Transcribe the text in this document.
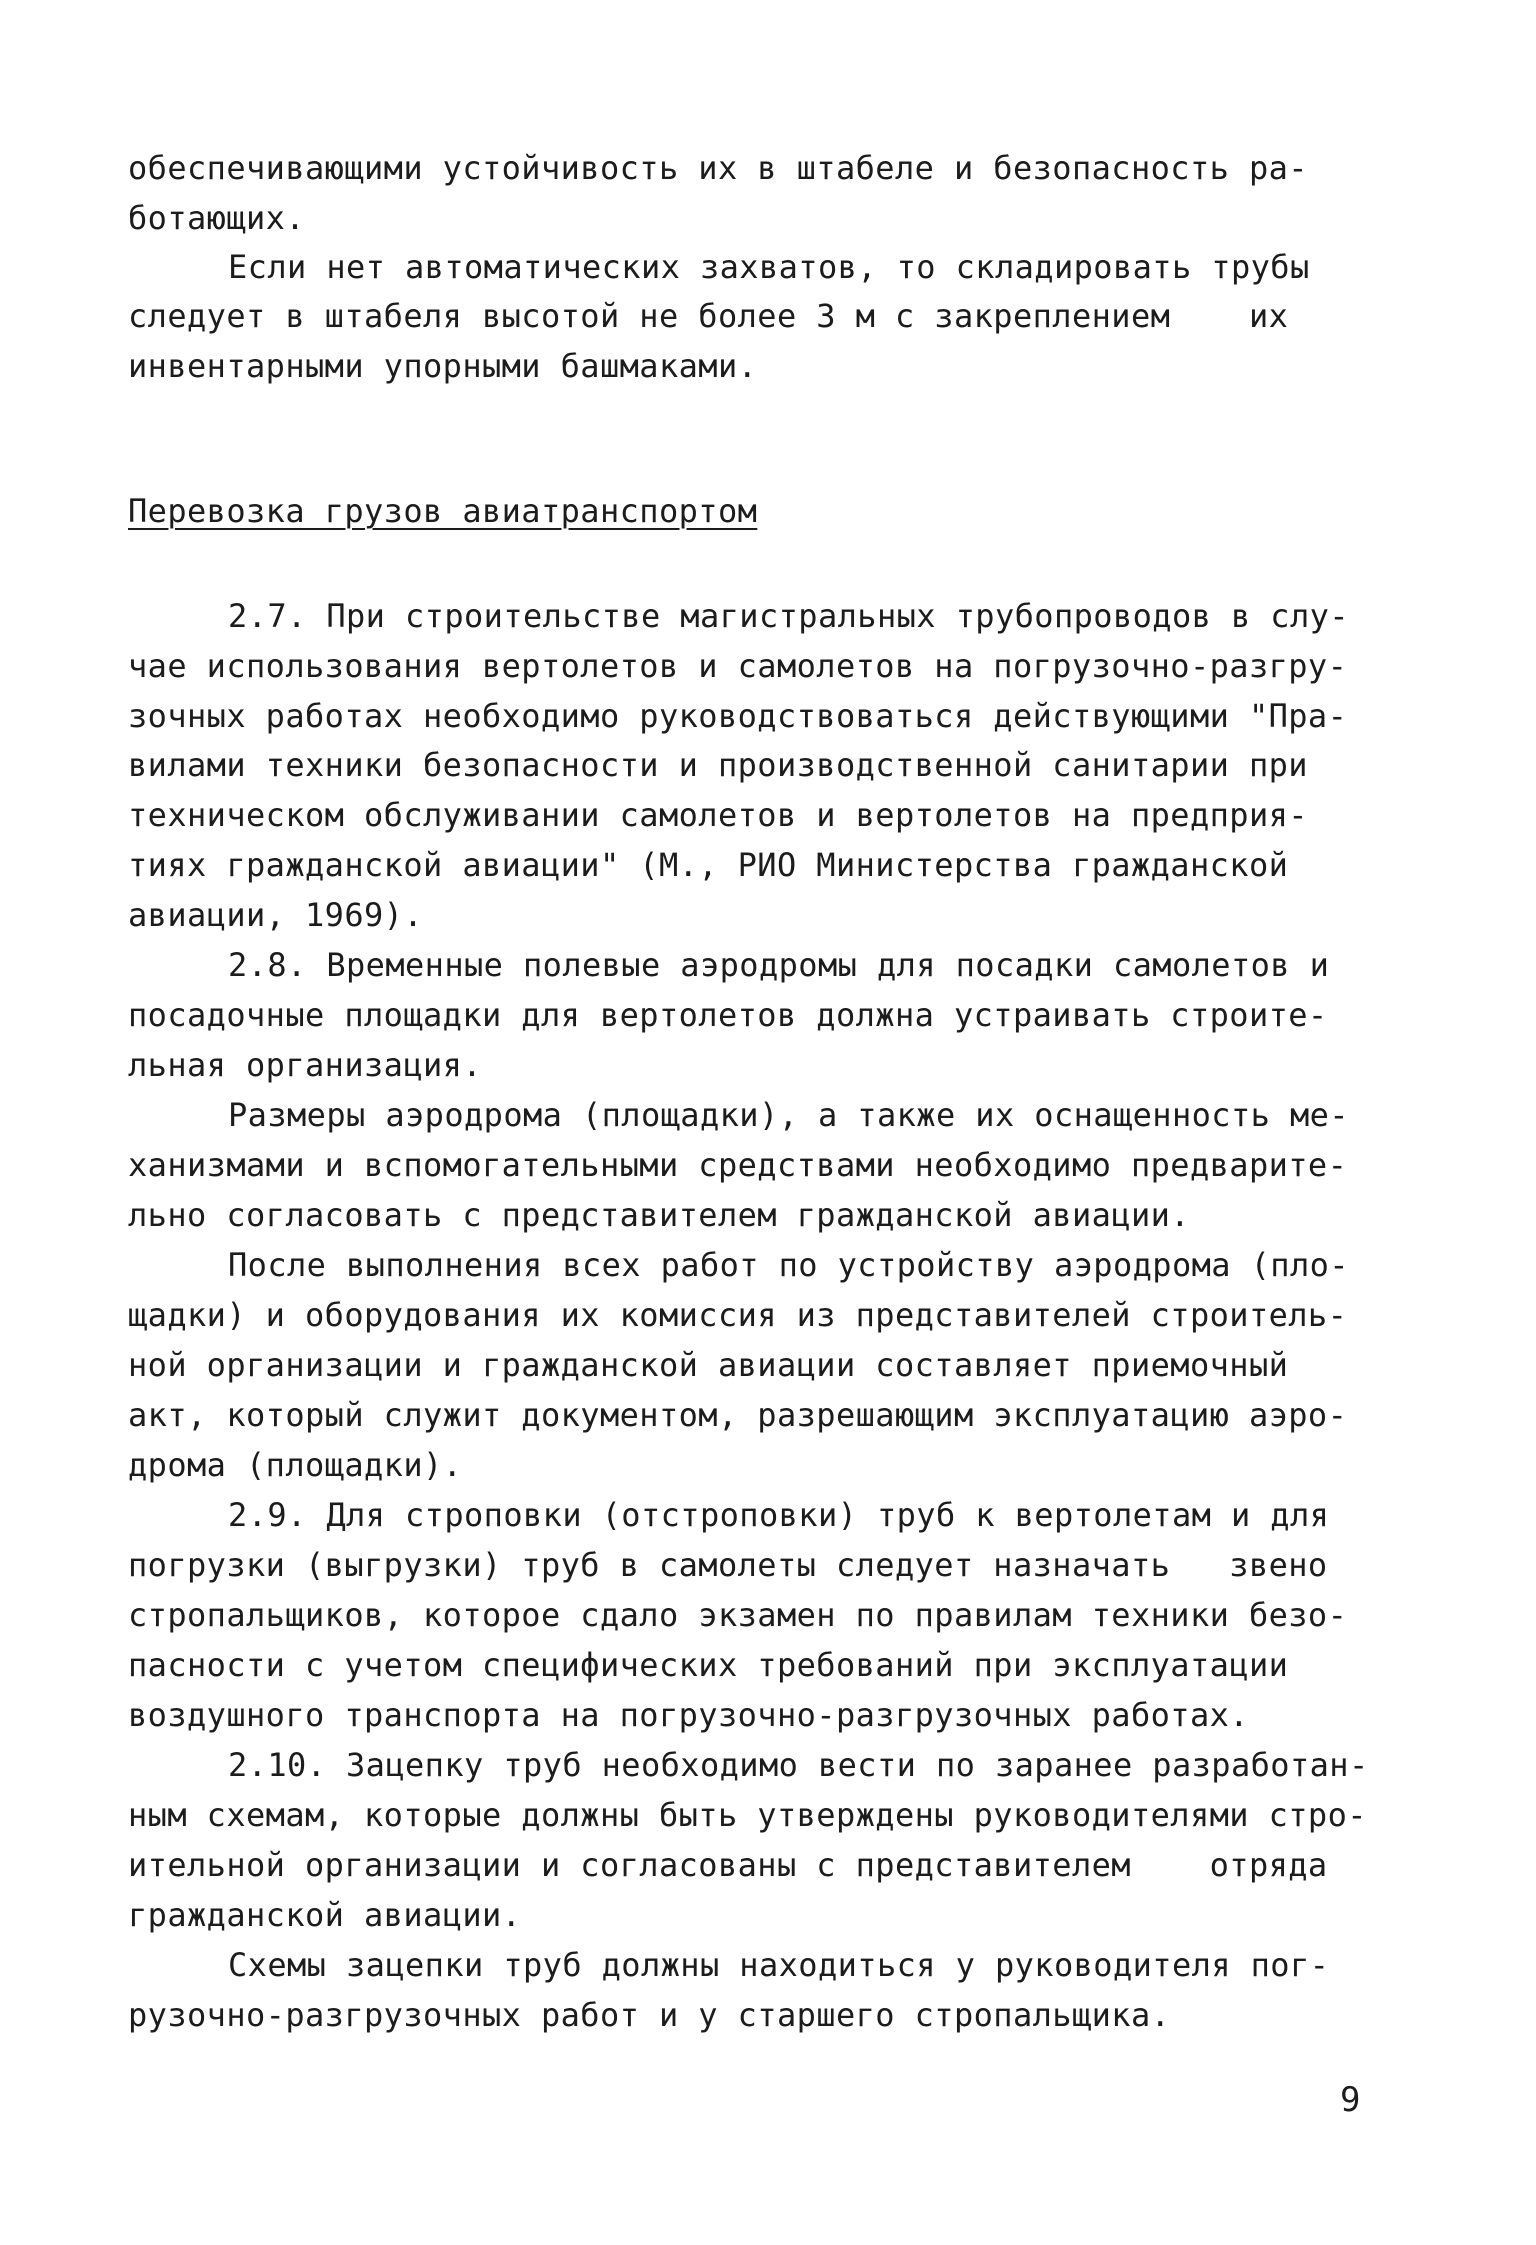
обеспечивающими устойчивость их в штабеле и безопасность ра-
ботающих.
Если нет автоматических захватов, то складировать трубы
следует в штабеля высотой не более 3 м с закреплением    их
инвентарными упорными башмаками.
Перевозка грузов авиатранспортом
2.7. При строительстве магистральных трубопроводов в слу-
чае использования вертолетов и самолетов на погрузочно-разгру-
зочных работах необходимо руководствоваться действующими "Пра-
вилами техники безопасности и производственной санитарии при
техническом обслуживании самолетов и вертолетов на предприя-
тиях гражданской авиации" (М., РИО Министерства гражданской
авиации, 1969).
2.8. Временные полевые аэродромы для посадки самолетов и
посадочные площадки для вертолетов должна устраивать строите-
льная организация.
Размеры аэродрома (площадки), а также их оснащенность ме-
ханизмами и вспомогательными средствами необходимо предварите-
льно согласовать с представителем гражданской авиации.
После выполнения всех работ по устройству аэродрома (пло-
щадки) и оборудования их комиссия из представителей строитель-
ной организации и гражданской авиации составляет приемочный
акт, который служит документом, разрешающим эксплуатацию аэро-
дрома (площадки).
2.9. Для строповки (отстроповки) труб к вертолетам и для
погрузки (выгрузки) труб в самолеты следует назначать   звено
стропальщиков, которое сдало экзамен по правилам техники безо-
пасности с учетом специфических требований при эксплуатации
воздушного транспорта на погрузочно-разгрузочных работах.
2.10. Зацепку труб необходимо вести по заранее разработан-
ным схемам, которые должны быть утверждены руководителями стро-
ительной организации и согласованы с представителем    отряда
гражданской авиации.
Схемы зацепки труб должны находиться у руководителя пог-
рузочно-разгрузочных работ и у старшего стропальщика.
9
